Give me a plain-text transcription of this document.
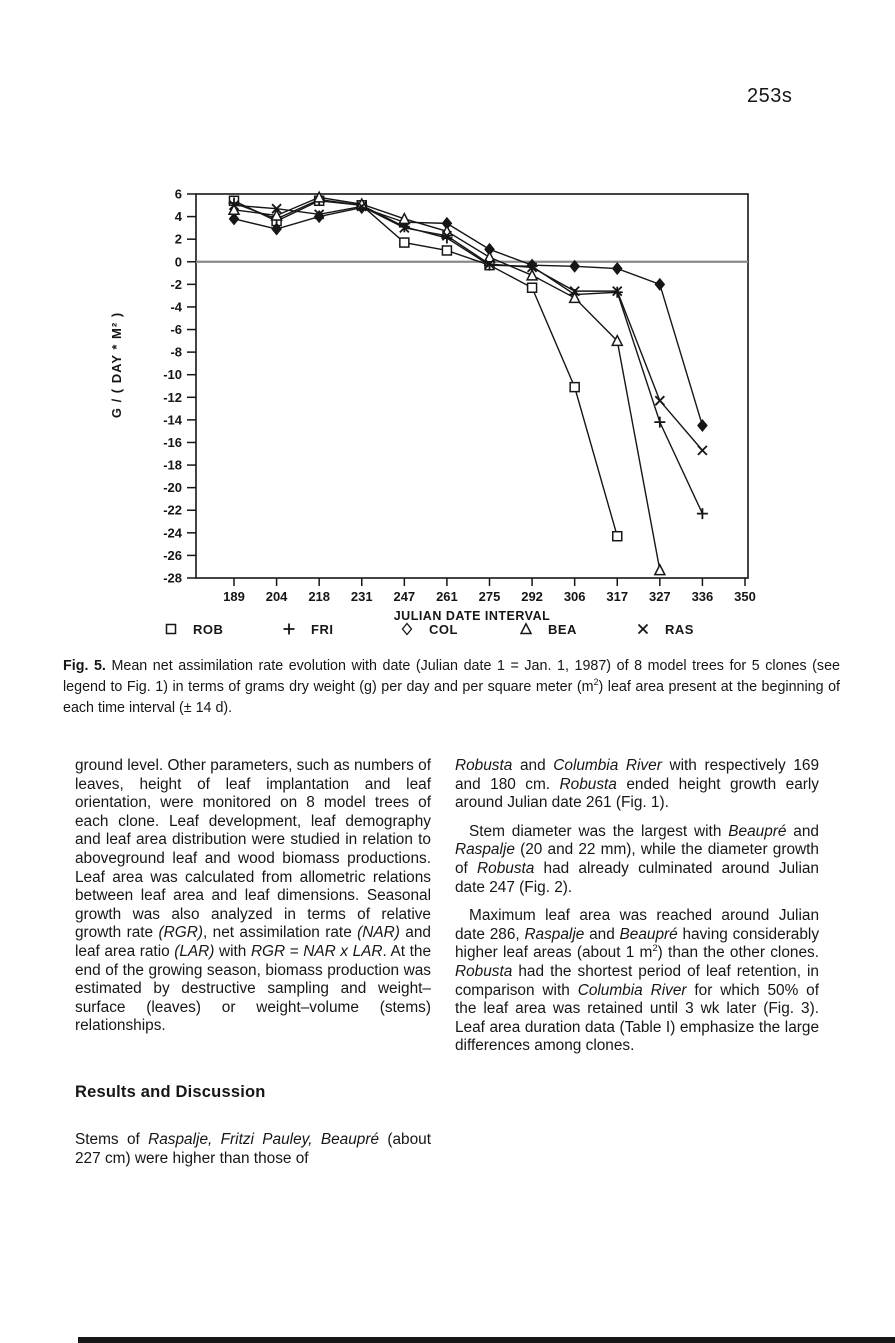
253s
6
4
2
0
-2
-4
-6
-8
-10
-12
-14
-16
-18
-20
-22
-24
-26
-28
189 204 218 231 247 261 275 292 306 317 327 336 350
JULIAN DATE INTERVAL
G / ( DAY * M² )
ROB	FRI	COL	BEA	RAS

Fig. 5. Mean net assimilation rate evolution with date (Julian date 1 = Jan. 1, 1987) of 8 model trees for 5 clones (see legend to Fig. 1) in terms of grams dry weight (g) per day and per square meter $(m^2)$ leaf area present at the beginning of each time interval (± 14 d).

ground level. Other parameters, such as numbers of leaves, height of leaf implantation and leaf orientation, were monitored on 8 model trees of each clone. Leaf development, leaf demography and leaf area distribution were studied in relation to aboveground leaf and wood biomass productions. Leaf area was calculated from allometric relations between leaf area and leaf dimensions. Seasonal growth was also analyzed in terms of relative growth rate (RGR), net assimilation rate (NAR) and leaf area ratio (LAR) with RGR = NAR x LAR. At the end of the growing season, biomass production was estimated by destructive sampling and weight–surface (leaves) or weight–volume (stems) relationships.

Results and Discussion

Stems of Raspalje, Fritzi Pauley, Beaupré (about 227 cm) were higher than those of

Robusta and Columbia River with respectively 169 and 180 cm. Robusta ended height growth early around Julian date 261 (Fig. 1).

Stem diameter was the largest with Beaupré and Raspalje (20 and 22 mm), while the diameter growth of Robusta had already culminated around Julian date 247 (Fig. 2).

Maximum leaf area was reached around Julian date 286, Raspalje and Beaupré having considerably higher leaf areas (about 1 $m^2$) than the other clones. Robusta had the shortest period of leaf retention, in comparison with Columbia River for which 50% of the leaf area was retained until 3 wk later (Fig. 3). Leaf area duration data (Table I) emphasize the large differences among clones.
